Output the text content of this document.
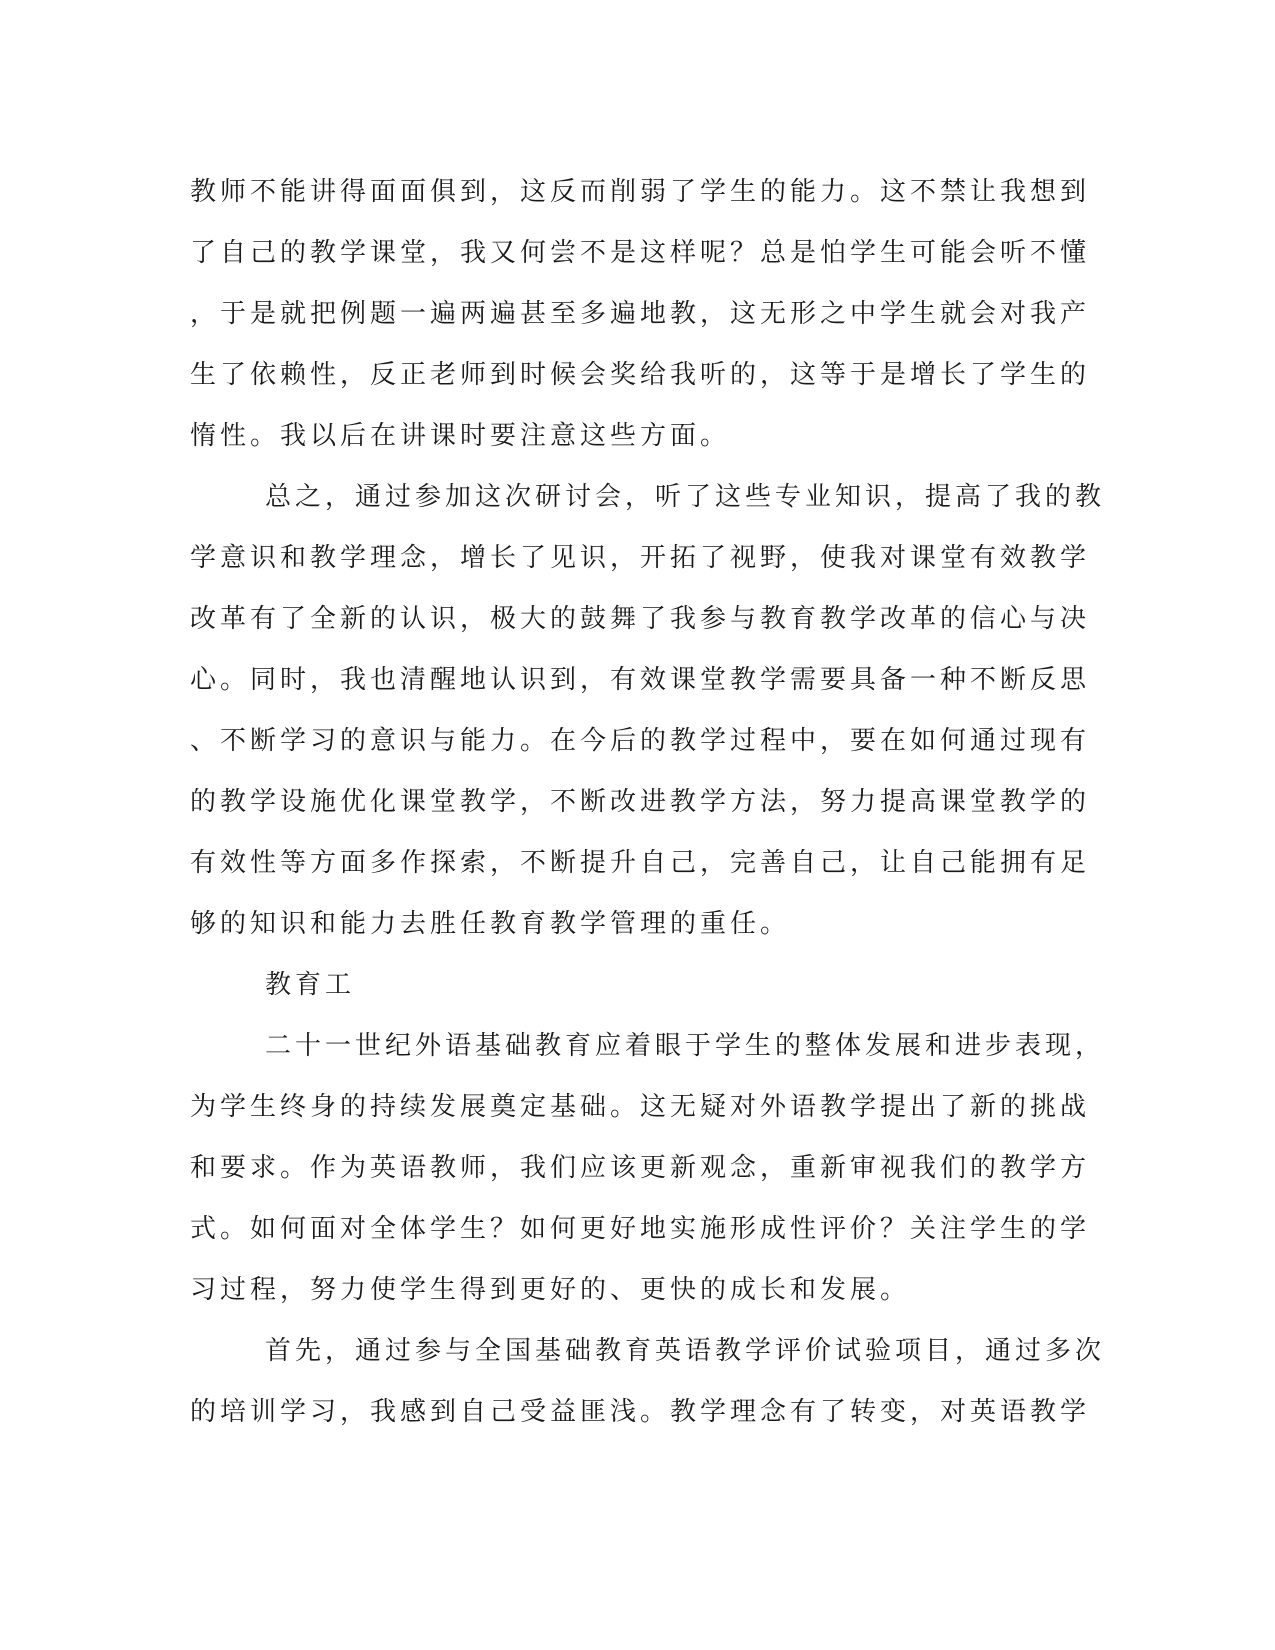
教师不能讲得面面俱到，这反而削弱了学生的能力。这不禁让我想到
了自己的教学课堂，我又何尝不是这样呢？总是怕学生可能会听不懂
，于是就把例题一遍两遍甚至多遍地教，这无形之中学生就会对我产
生了依赖性，反正老师到时候会奖给我听的，这等于是增长了学生的
惰性。我以后在讲课时要注意这些方面。
总之，通过参加这次研讨会，听了这些专业知识，提高了我的教
学意识和教学理念，增长了见识，开拓了视野，使我对课堂有效教学
改革有了全新的认识，极大的鼓舞了我参与教育教学改革的信心与决
心。同时，我也清醒地认识到，有效课堂教学需要具备一种不断反思
、不断学习的意识与能力。在今后的教学过程中，要在如何通过现有
的教学设施优化课堂教学，不断改进教学方法，努力提高课堂教学的
有效性等方面多作探索，不断提升自己，完善自己，让自己能拥有足
够的知识和能力去胜任教育教学管理的重任。
教育工
二十一世纪外语基础教育应着眼于学生的整体发展和进步表现，
为学生终身的持续发展奠定基础。这无疑对外语教学提出了新的挑战
和要求。作为英语教师，我们应该更新观念，重新审视我们的教学方
式。如何面对全体学生？如何更好地实施形成性评价？关注学生的学
习过程，努力使学生得到更好的、更快的成长和发展。
首先，通过参与全国基础教育英语教学评价试验项目，通过多次
的培训学习，我感到自己受益匪浅。教学理念有了转变，对英语教学
